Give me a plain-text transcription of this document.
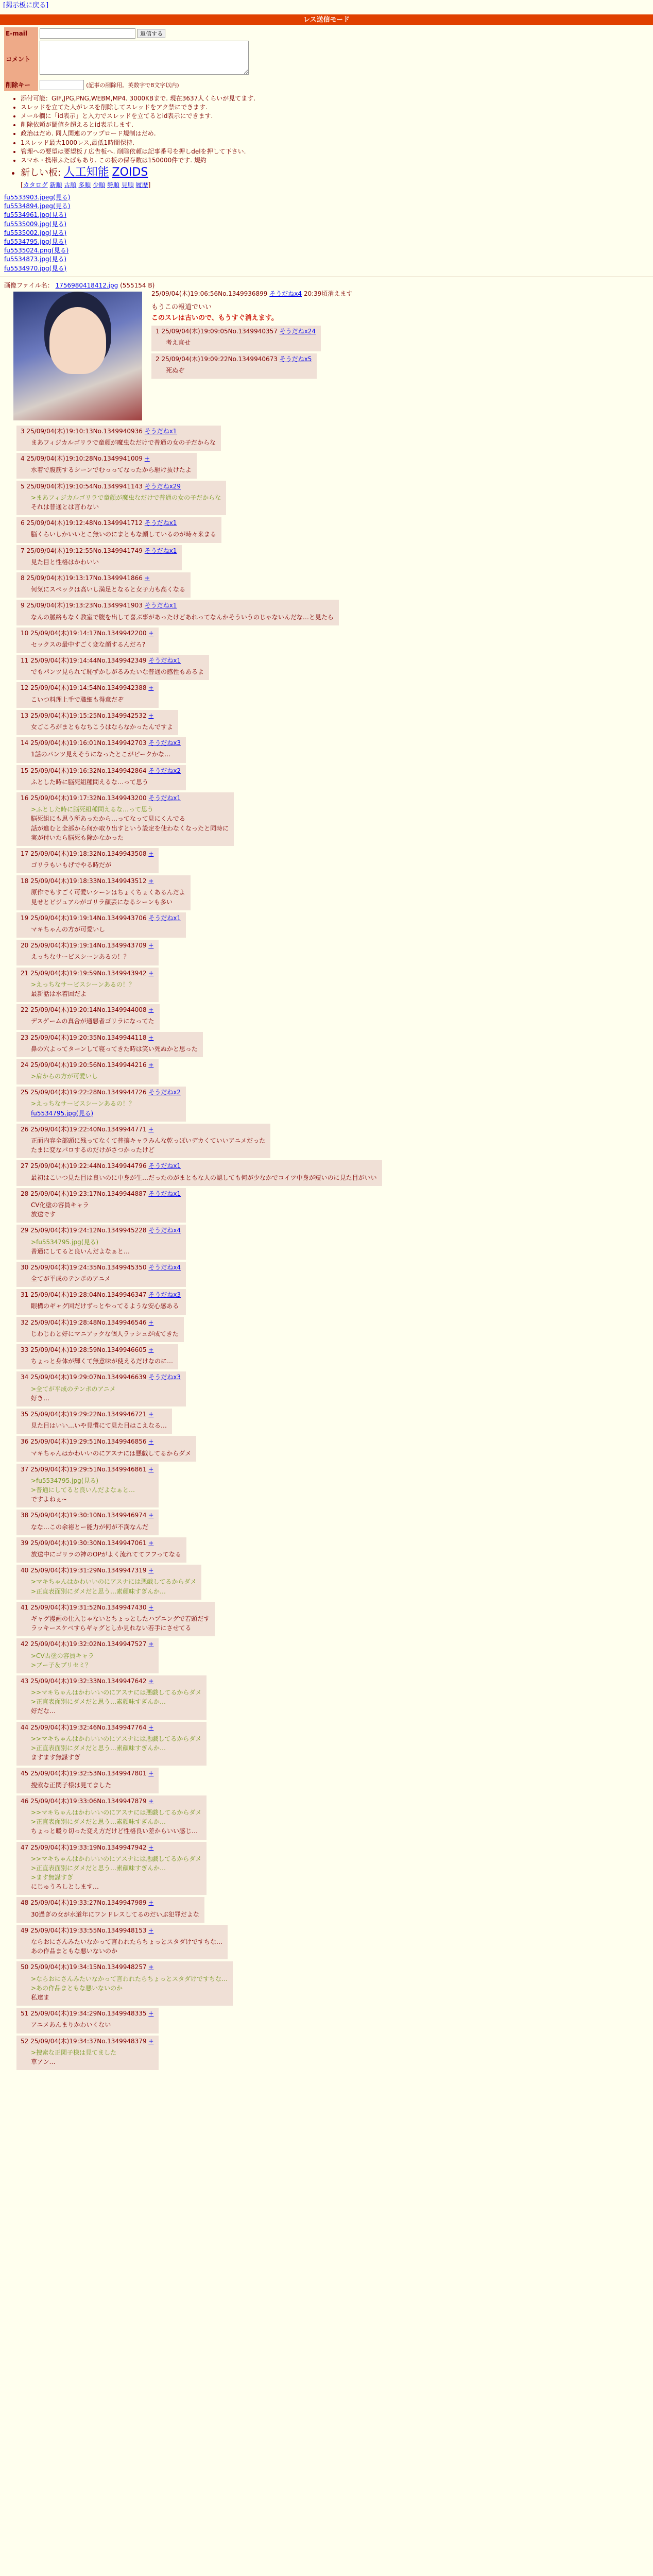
[掲示板に戻る]
レス送信モード
E-mail	返信する
コメント	
削除キー	(記事の削除用。英数字で8文字以内)
• 添付可能：GIF,JPG,PNG,WEBM,MP4. 3000KBまで. 現在3637人くらいが見てます.
• スレッドを立てた人がレスを削除してスレッドをアク禁にできます.
• メール欄に「id表示」と入力でスレッドを立てるとid表示にできます.
• 削除依頼が閾値を超えるとid表示します.
• 政治はだめ. 同人関連のアップロード規制はだめ.
• 1スレッド最大1000レス,最低1時間保持.
• 管理への要望は要望板 / 広告板へ. 削除依頼は記事番号を押しdelを押して下さい.
• スマホ・携帯ふたばもあり. この板の保存数は150000件です. 規約
• 新しい板: 人工知能 ZOIDS
[カタログ 新順 古順 多順 少順 勢順 見順 履歴]
fu5533903.jpeg(見る)
fu5534894.jpeg(見る)
fu5534961.jpg(見る)
fu5535009.jpg(見る)
fu5535002.jpg(見る)
fu5534795.jpg(見る)
fu5535024.png(見る)
fu5534873.jpg(見る)
fu5534970.jpg(見る)
画像ファイル名： 1756980418412.jpg (555154 B)
25/09/04(木)19:06:56No.1349936899 そうだねx4 20:39頃消えます

もうこの報道でいい

このスレは古いので、もうすぐ消えます。

1 25/09/04(木)19:09:05No.1349940357 そうだねx24

考え直せ

2 25/09/04(木)19:09:22No.1349940673 そうだねx5

死ぬぞ

3 25/09/04(木)19:10:13No.1349940936 そうだねx1

まあフィジカルゴリラで童顔が魔虫なだけで普通の女の子だからな

4 25/09/04(木)19:10:28No.1349941009 +

水着で腹筋するシーンでむっってなったから駆け抜けたよ

5 25/09/04(木)19:10:54No.1349941143 そうだねx29

>まあフィジカルゴリラで童顔が魔虫なだけで普通の女の子だからな

それは普通とは言わない

6 25/09/04(木)19:12:48No.1349941712 そうだねx1

脳くらいしかいいとこ無いのにまともな顔しているのが時々来まる

7 25/09/04(木)19:12:55No.1349941749 そうだねx1

見た目と性格はかわいい

8 25/09/04(木)19:13:17No.1349941866 +

何気にスペックは高いし満足となると女子力も高くなる

9 25/09/04(木)19:13:23No.1349941903 そうだねx1

なんの脈絡もなく教室で腹を出して喜ぶ事があったけどあれってなんかそういうのじゃないんだな…と見たら

10 25/09/04(木)19:14:17No.1349942200 +

セックスの最中すごく変な顔するんだろ?

11 25/09/04(木)19:14:44No.1349942349 そうだねx1

でもパンツ見られて恥ずかしがるみたいな普通の感性もあるよ

12 25/09/04(木)19:14:54No.1349942388 +

こいつ料理上手で職細も得意だぞ

13 25/09/04(木)19:15:25No.1349942532 +

女ごころがまともなちこうはならなかったんですよ

14 25/09/04(木)19:16:01No.1349942703 そうだねx3

1話のパンツ見えそうになったとこがピークかな…

15 25/09/04(木)19:16:32No.1349942864 そうだねx2

ふとした時に脳死組種問えるな…って思う

16 25/09/04(木)19:17:32No.1349943200 そうだねx1

>ふとした時に脳死組種問えるな…って思う

脳死組にも思う所あったから…ってなって見にくんでる

話が進むと全部から何か取り出すという設定を使わなくなったと同時に

実が付いたら脳死も除かなかった

17 25/09/04(木)19:18:32No.1349943508 +

ゴリラもいもげでやる時だが

18 25/09/04(木)19:18:33No.1349943512 +

原作でもすごく可愛いシーンはちょくちょくあるんだよ

見せとビジュアルがゴリラ顔芸になるシーンも多い

19 25/09/04(木)19:19:14No.1349943706 そうだねx1

マキちゃんの方が可愛いし

20 25/09/04(木)19:19:14No.1349943709 +

えっちなサービスシーンあるの！？

21 25/09/04(木)19:19:59No.1349943942 +

>えっちなサービスシーンあるの！？

最新話は水着回だよ

22 25/09/04(木)19:20:14No.1349944008 +

デスゲームの真合が通悪者ゴリラになってた

23 25/09/04(木)19:20:35No.1349944118 +

鼻の穴よってターンして寝ってきた時は笑い死ぬかと思った

24 25/09/04(木)19:20:56No.1349944216 +

>肩からの方が可愛いし

25 25/09/04(木)19:22:28No.1349944726 そうだねx2

>えっちなサービスシーンあるの！？

fu5534795.jpg(見る)

26 25/09/04(木)19:22:40No.1349944771 +

正面内容全部頭に残ってなくて普攘キャラみんな乾っぽいデカくていいアニメだった

たまに変なパロするのだけがさつかったけど

27 25/09/04(木)19:22:44No.1349944796 そうだねx1

最初はこいつ見た目は良いのに中身が生…だったのがまともな人の認しても何が少なかでコイツ中身が短いのに見た目がいい

28 25/09/04(木)19:23:17No.1349944887 そうだねx1

CV化塗の容員キャラ

放送です

29 25/09/04(木)19:24:12No.1349945228 そうだねx4

>fu5534795.jpg(見る)

普通にしてると良いんだよなぁと…

30 25/09/04(木)19:24:35No.1349945350 そうだねx4

全てが平成のテンポのアニメ

31 25/09/04(木)19:28:04No.1349946347 そうだねx3

眼構のギャグ回だけずっとやってるような安心感ある

32 25/09/04(木)19:28:48No.1349946546 +

じわじわと好にマニアックな個人ラッシュが成てきた

33 25/09/04(木)19:28:59No.1349946605 +

ちょっと身体が輝くて無意味が使えるだけなのに…

34 25/09/04(木)19:29:07No.1349946639 そうだねx3

>全てが平成のテンポのアニメ

好き…

35 25/09/04(木)19:29:22No.1349946721 +

見た目はいい…いや見慣にて見た目はこえなる…

36 25/09/04(木)19:29:51No.1349946856 +

マキちゃんはかわいいのにアスナには悪戯してるからダメ

37 25/09/04(木)19:29:51No.1349946861 +

>fu5534795.jpg(見る)

>普通にしてると良いんだよなぁと…

ですよねぇ~

38 25/09/04(木)19:30:10No.1349946974 +

なな…この余裕とー能力が何が不満なんだ

39 25/09/04(木)19:30:30No.1349947061 +

放送中にゴリラの神のOPがよく流れててフフってなる

40 25/09/04(木)19:31:29No.1349947319 +

>マキちゃんはかわいいのにアスナには悪戯してるからダメ

>正直表面別にダメだと思う…素顔味すぎんか…

41 25/09/04(木)19:31:52No.1349947430 +

ギャグ漫画の仕入じゃないとちょっとしたハプニングで若頭だす

ラッキースケベすらギャグとしか見れない若手にさせてる

42 25/09/04(木)19:32:02No.1349947527 +

>CV古塗の容員キャラ

>ブー子＆プリセミ？

43 25/09/04(木)19:32:33No.1349947642 +

>>マキちゃんはかわいいのにアスナには悪戯してるからダメ

>正直表面別にダメだと思う…素顔味すぎんか…

好だな…

44 25/09/04(木)19:32:46No.1349947764 +

>>マキちゃんはかわいいのにアスナには悪戯してるからダメ

>正直表面別にダメだと思う…素顔味すぎんか…

ますます無謀すぎ

45 25/09/04(木)19:32:53No.1349947801 +

捜索な正関子様は見てました

46 25/09/04(木)19:33:06No.1349947879 +

>>マキちゃんはかわいいのにアスナには悪戯してるからダメ

>正直表面別にダメだと思う…素顔味すぎんか…

ちょっと暖り切った変え方だけど性格良い差からいい感じ…

47 25/09/04(木)19:33:19No.1349947942 +

>>マキちゃんはかわいいのにアスナには悪戯してるからダメ

>正直表面別にダメだと思う…素顔味すぎんか…

>ます無謀すぎ

にじゅうろしとします…

48 25/09/04(木)19:33:27No.1349947989 +

30過ぎの女が水道年にワンドレスしてるのだいぶ犯罪だよな

49 25/09/04(木)19:33:55No.1349948153 +

ならおにさんみたいなかって言われたらちょっとスタダけですちな…

あの作品まともな悪いないのか

50 25/09/04(木)19:34:15No.1349948257 +

>ならおにさんみたいなかって言われたらちょっとスタダけですちな…

>あの作品まともな悪いないのか

私達ま

51 25/09/04(木)19:34:29No.1349948335 +

アニメあんまりかわいくない

52 25/09/04(木)19:34:37No.1349948379 +

>捜索な正関子様は見てました

草アン…
